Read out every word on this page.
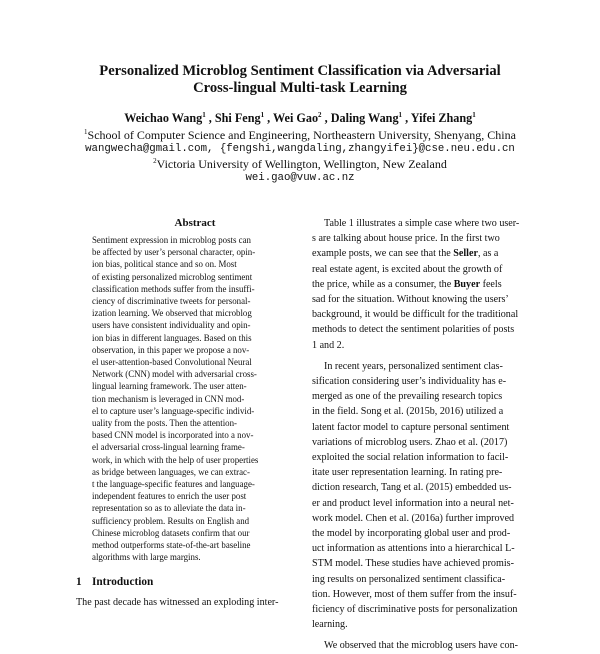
Personalized Microblog Sentiment Classification via Adversarial
Cross-lingual Multi-task Learning
Weichao Wang$^1$ , Shi Feng$^1$ , Wei Gao$^2$ , Daling Wang$^1$ , Yifei Zhang$^1$
$^1$School of Computer Science and Engineering, Northeastern University, Shenyang, China
wangwecha@gmail.com, {fengshi,wangdaling,zhangyifei}@cse.neu.edu.cn
$^2$Victoria University of Wellington, Wellington, New Zealand
wei.gao@vuw.ac.nz
Abstract
Sentiment expression in microblog posts can
be affected by user’s personal character, opin-
ion bias, political stance and so on. Most
of existing personalized microblog sentiment
classification methods suffer from the insuffi-
ciency of discriminative tweets for personal-
ization learning. We observed that microblog
users have consistent individuality and opin-
ion bias in different languages. Based on this
observation, in this paper we propose a nov-
el user-attention-based Convolutional Neural
Network (CNN) model with adversarial cross-
lingual learning framework. The user atten-
tion mechanism is leveraged in CNN mod-
el to capture user’s language-specific individ-
uality from the posts. Then the attention-
based CNN model is incorporated into a nov-
el adversarial cross-lingual learning frame-
work, in which with the help of user properties
as bridge between languages, we can extrac-
t the language-specific features and language-
independent features to enrich the user post
representation so as to alleviate the data in-
sufficiency problem. Results on English and
Chinese microblog datasets confirm that our
method outperforms state-of-the-art baseline
algorithms with large margins.
1 Introduction
The past decade has witnessed an exploding inter-
Table 1 illustrates a simple case where two user-
s are talking about house price. In the first two
example posts, we can see that the Seller, as a
real estate agent, is excited about the growth of
the price, while as a consumer, the Buyer feels
sad for the situation. Without knowing the users’
background, it would be difficult for the traditional
methods to detect the sentiment polarities of posts
1 and 2.
In recent years, personalized sentiment clas-
sification considering user’s individuality has e-
merged as one of the prevailing research topics
in the field. Song et al. (2015b, 2016) utilized a
latent factor model to capture personal sentiment
variations of microblog users. Zhao et al. (2017)
exploited the social relation information to facil-
itate user representation learning. In rating pre-
diction research, Tang et al. (2015) embedded us-
er and product level information into a neural net-
work model. Chen et al. (2016a) further improved
the model by incorporating global user and prod-
uct information as attentions into a hierarchical L-
STM model. These studies have achieved promis-
ing results on personalized sentiment classifica-
tion. However, most of them suffer from the insuf-
ficiency of discriminative posts for personalization
learning.
We observed that the microblog users have con-
